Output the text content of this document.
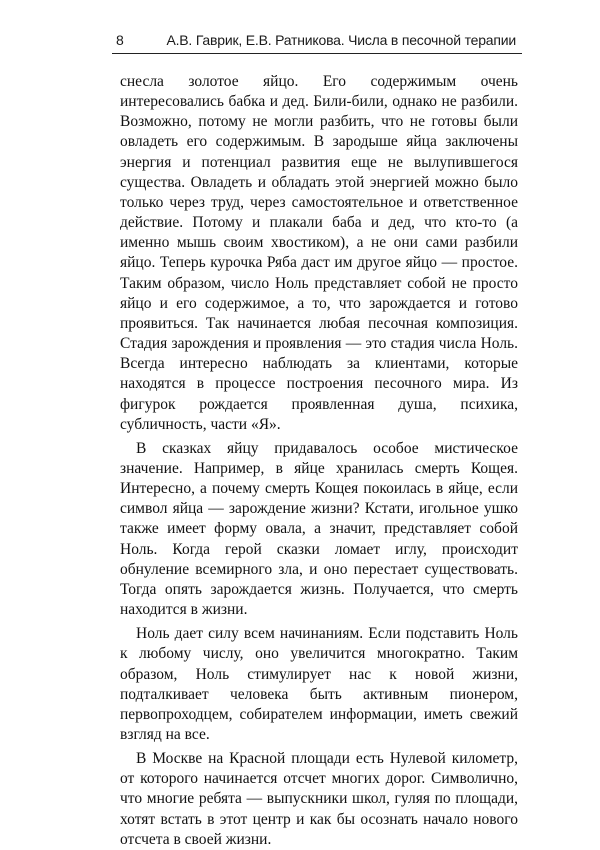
8	А.В. Гаврик, Е.В. Ратникова. Числа в песочной терапии

снесла золотое яйцо. Его содержимым очень интересовались бабка и дед. Били-били, однако не разбили. Возможно, потому не могли разбить, что не готовы были овладеть его содержимым. В зародыше яйца заключены энергия и потенциал развития еще не вылупившегося существа. Овладеть и обладать этой энергией можно было только через труд, через самостоятельное и ответственное действие. Потому и плакали баба и дед, что кто-то (а именно мышь своим хвостиком), а не они сами разбили яйцо. Теперь курочка Ряба даст им другое яйцо — простое. Таким образом, число Ноль представляет собой не просто яйцо и его содержимое, а то, что зарождается и готово проявиться. Так начинается любая песочная композиция. Стадия зарождения и проявления — это стадия числа Ноль. Всегда интересно наблюдать за клиентами, которые находятся в процессе построения песочного мира. Из фигурок рождается проявленная душа, психика, субличность, части «Я».

В сказках яйцу придавалось особое мистическое значение. Например, в яйце хранилась смерть Кощея. Интересно, а почему смерть Кощея покоилась в яйце, если символ яйца — зарождение жизни? Кстати, игольное ушко также имеет форму овала, а значит, представляет собой Ноль. Когда герой сказки ломает иглу, происходит обнуление всемирного зла, и оно перестает существовать. Тогда опять зарождается жизнь. Получается, что смерть находится в жизни.

Ноль дает силу всем начинаниям. Если подставить Ноль к любому числу, оно увеличится многократно. Таким образом, Ноль стимулирует нас к новой жизни, подталкивает человека быть активным пионером, первопроходцем, собирателем информации, иметь свежий взгляд на все.

В Москве на Красной площади есть Нулевой километр, от которого начинается отсчет многих дорог. Символично, что многие ребята — выпускники школ, гуляя по площади, хотят встать в этот центр и как бы осознать начало нового отсчета в своей жизни.
